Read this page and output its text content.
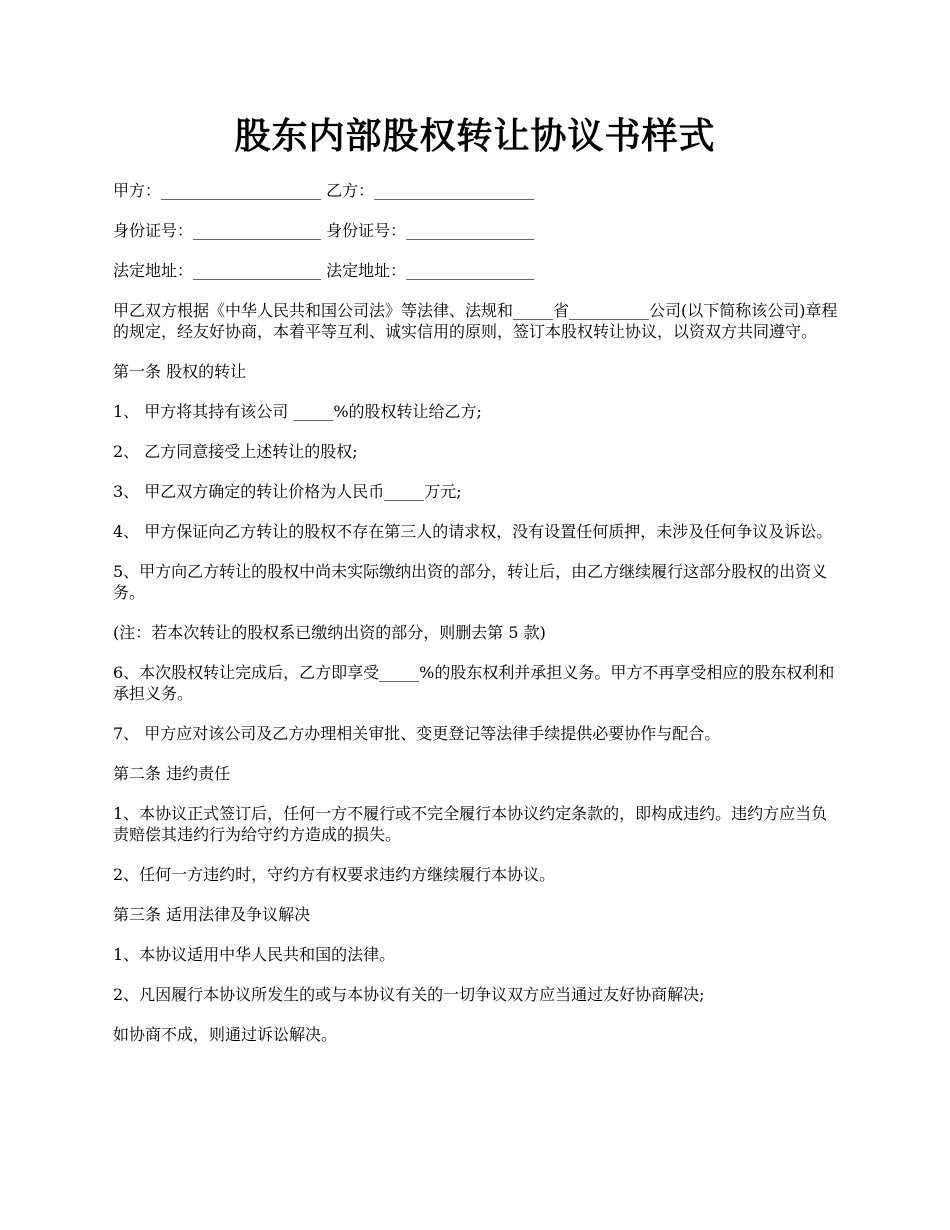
股东内部股权转让协议书样式

甲方：____________________ 乙方：____________________

身份证号：________________ 身份证号：________________

法定地址：________________ 法定地址：________________

甲乙双方根据《中华人民共和国公司法》等法律、法规和_____省__________公司(以下简称该公司)章程的规定，经友好协商，本着平等互利、诚实信用的原则，签订本股权转让协议，以资双方共同遵守。

第一条 股权的转让

1、 甲方将其持有该公司 _____%的股权转让给乙方;

2、 乙方同意接受上述转让的股权;

3、 甲乙双方确定的转让价格为人民币_____万元;

4、 甲方保证向乙方转让的股权不存在第三人的请求权，没有设置任何质押，未涉及任何争议及诉讼。

5、甲方向乙方转让的股权中尚未实际缴纳出资的部分，转让后，由乙方继续履行这部分股权的出资义务。

(注：若本次转让的股权系已缴纳出资的部分，则删去第 5 款)

6、本次股权转让完成后，乙方即享受_____%的股东权利并承担义务。甲方不再享受相应的股东权利和承担义务。

7、 甲方应对该公司及乙方办理相关审批、变更登记等法律手续提供必要协作与配合。

第二条 违约责任

1、本协议正式签订后，任何一方不履行或不完全履行本协议约定条款的，即构成违约。违约方应当负责赔偿其违约行为给守约方造成的损失。

2、任何一方违约时，守约方有权要求违约方继续履行本协议。

第三条 适用法律及争议解决

1、本协议适用中华人民共和国的法律。

2、凡因履行本协议所发生的或与本协议有关的一切争议双方应当通过友好协商解决;

如协商不成，则通过诉讼解决。
